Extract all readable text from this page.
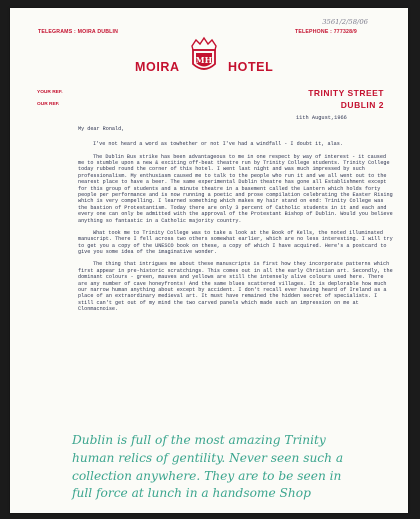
TELEGRAMS : MOIRA DUBLIN	TELEPHONE : 777328/9
3561/2/58/06
MH
MOIRA	HOTEL
TRINITY STREET
DUBLIN 2
YOUR REF.
OUR REF.
11th August,1966

My dear Ronald,

I've not heard a word as towhether or not I've had a windfall - I doubt it, alas.

The Dublin Bus strike has been advantageous to me in one respect by way of interest - it caused me to stumble upon a new & exciting off-beat theatre run by Trinity College students. Trinity College today rubbed round the corner of this hotel. I went last night and was much impressed by such professionalism. My enthusiasm caused me to talk to the people who run it and we all went out to the nearest place to have a beer. The same experimental Dublin theatre has gone all Establishment except for this group of students and a minute theatre in a basement called the Lantern which holds forty people per performance and is now running a poetic and prose compilation celebrating the Easter Rising which is very compelling. I learned something which makes my hair stand on end: Trinity College was the bastion of Protestantism. Today there are only 3 percent of Catholic students in it and each and every one can only be admitted with the approval of the Protestant Bishop of Dublin. Would you believe anything so fantastic in a Catholic majority country.

What took me to Trinity College was to take a look at the Book of Kells, the noted illuminated manuscript. There I fell across two others somewhat earlier, which are no less interesting. I will try to get you a copy of the UNESCO book on these, a copy of which I have acquired. Here's a postcard to give you some idea of the imaginative wonder.

The thing that intrigues me about these manuscripts is first how they incorporate patterns which first appear in pre-historic scratchings. This comes out in all the early Christian art. Secondly, the dominant colours - green, mauves and yellows are still the intensely alive colours used here. There are any number of cave honeyfronts! And the same blues scattered villages. It is deplorable how much our narrow human anything about except by accident. I don't recall ever having heard of Ireland as a place of an extraordinary medieval art. It must have remained the hidden secret of specialists. I still can't get out of my mind the two carved panels which made such an impression on me at Clonmacnoise.

Dublin is full of the most amazing Trinity
human relics of gentility. Never seen such a
collection anywhere. They are to be seen in
full force at lunch in a handsome Shop
